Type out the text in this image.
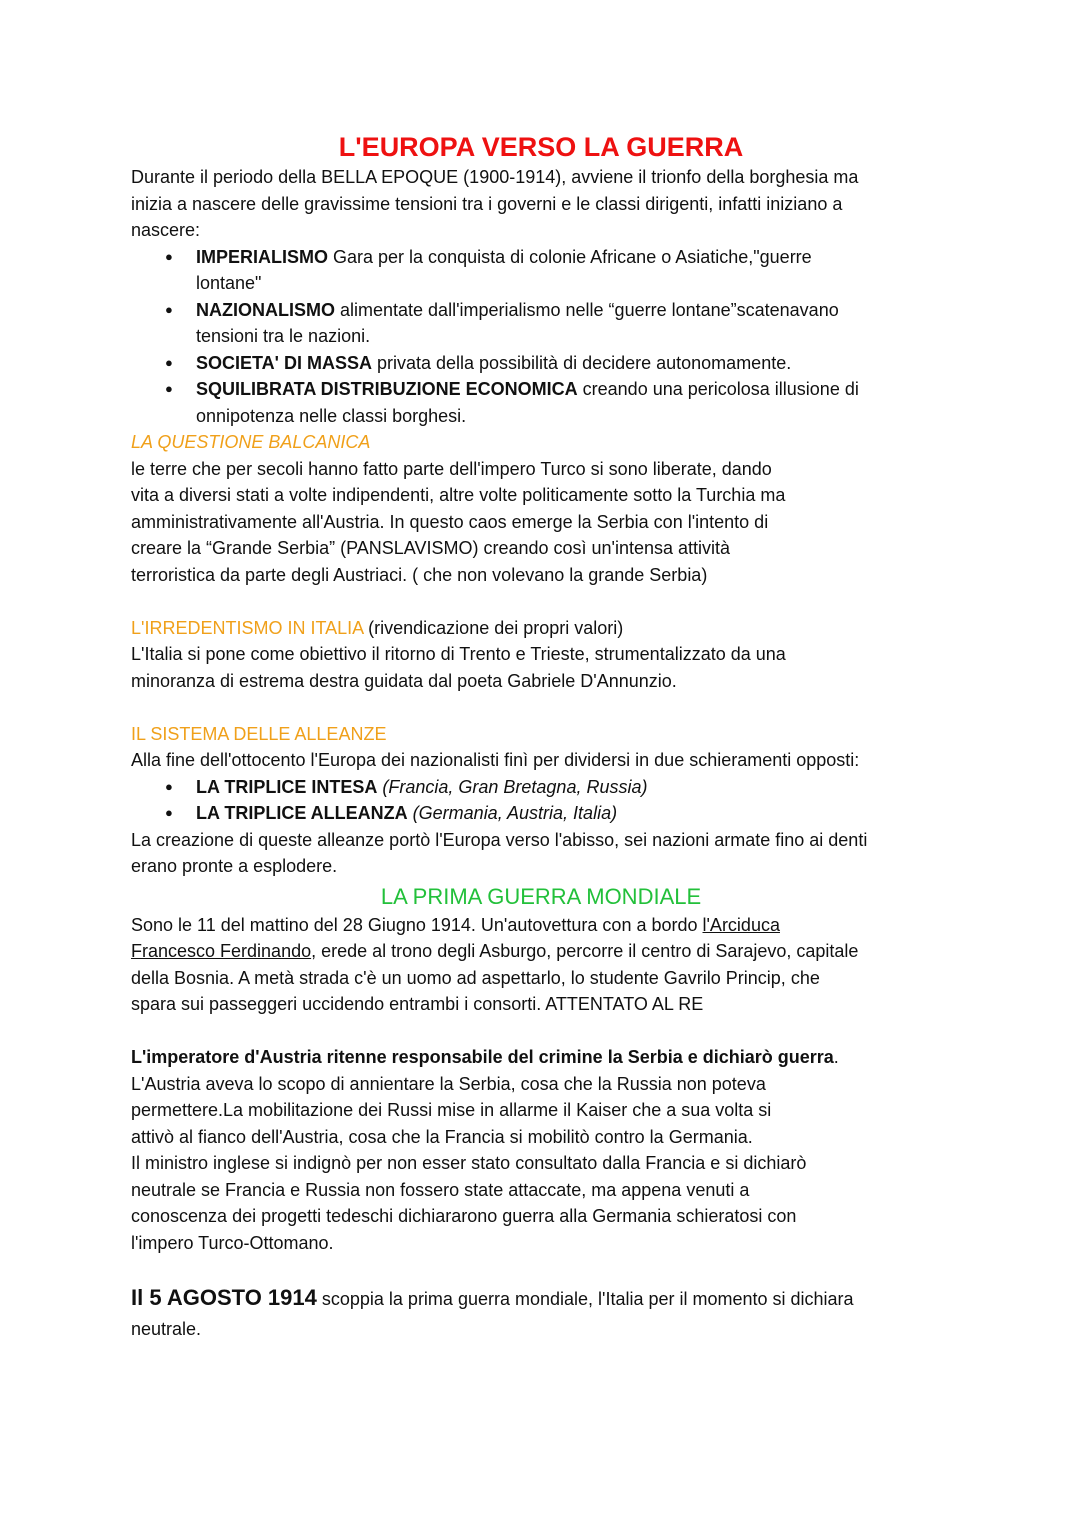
L'EUROPA VERSO LA GUERRA

Durante il periodo della BELLA EPOQUE (1900-1914), avviene il trionfo della borghesia ma
inizia a nascere delle gravissime tensioni tra i governi e le classi dirigenti, infatti iniziano a
nascere:

● IMPERIALISMO Gara per la conquista di colonie Africane o Asiatiche,"guerre
lontane"
● NAZIONALISMO alimentate dall'imperialismo nelle “guerre lontane”scatenavano
tensioni tra le nazioni.
● SOCIETA' DI MASSA privata della possibilità di decidere autonomamente.
● SQUILIBRATA DISTRIBUZIONE ECONOMICA creando una pericolosa illusione di
onnipotenza nelle classi borghesi.

LA QUESTIONE BALCANICA

le terre che per secoli hanno fatto parte dell'impero Turco si sono liberate, dando
vita a diversi stati a volte indipendenti, altre volte politicamente sotto la Turchia ma
amministrativamente all'Austria. In questo caos emerge la Serbia con l'intento di
creare la “Grande Serbia” (PANSLAVISMO) creando così un'intensa attività
terroristica da parte degli Austriaci. ( che non volevano la grande Serbia)

L'IRREDENTISMO IN ITALIA (rivendicazione dei propri valori)

L'Italia si pone come obiettivo il ritorno di Trento e Trieste, strumentalizzato da una
minoranza di estrema destra guidata dal poeta Gabriele D'Annunzio.

IL SISTEMA DELLE ALLEANZE

Alla fine dell'ottocento l'Europa dei nazionalisti finì per dividersi in due schieramenti opposti:

● LA TRIPLICE INTESA (Francia, Gran Bretagna, Russia)
● LA TRIPLICE ALLEANZA (Germania, Austria, Italia)

La creazione di queste alleanze portò l'Europa verso l'abisso, sei nazioni armate fino ai denti
erano pronte a esplodere.

LA PRIMA GUERRA MONDIALE

Sono le 11 del mattino del 28 Giugno 1914. Un'autovettura con a bordo l'Arciduca
Francesco Ferdinando, erede al trono degli Asburgo, percorre il centro di Sarajevo, capitale
della Bosnia. A metà strada c'è un uomo ad aspettarlo, lo studente Gavrilo Princip, che
spara sui passeggeri uccidendo entrambi i consorti. ATTENTATO AL RE

L'imperatore d'Austria ritenne responsabile del crimine la Serbia e dichiarò guerra.
L'Austria aveva lo scopo di annientare la Serbia, cosa che la Russia non poteva
permettere.La mobilitazione dei Russi mise in allarme il Kaiser che a sua volta si
attivò al fianco dell'Austria, cosa che la Francia si mobilitò contro la Germania.
Il ministro inglese si indignò per non esser stato consultato dalla Francia e si dichiarò
neutrale se Francia e Russia non fossero state attaccate, ma appena venuti a
conoscenza dei progetti tedeschi dichiararono guerra alla Germania schieratosi con
l'impero Turco-Ottomano.

Il 5 AGOSTO 1914 scoppia la prima guerra mondiale, l'Italia per il momento si dichiara
neutrale.
